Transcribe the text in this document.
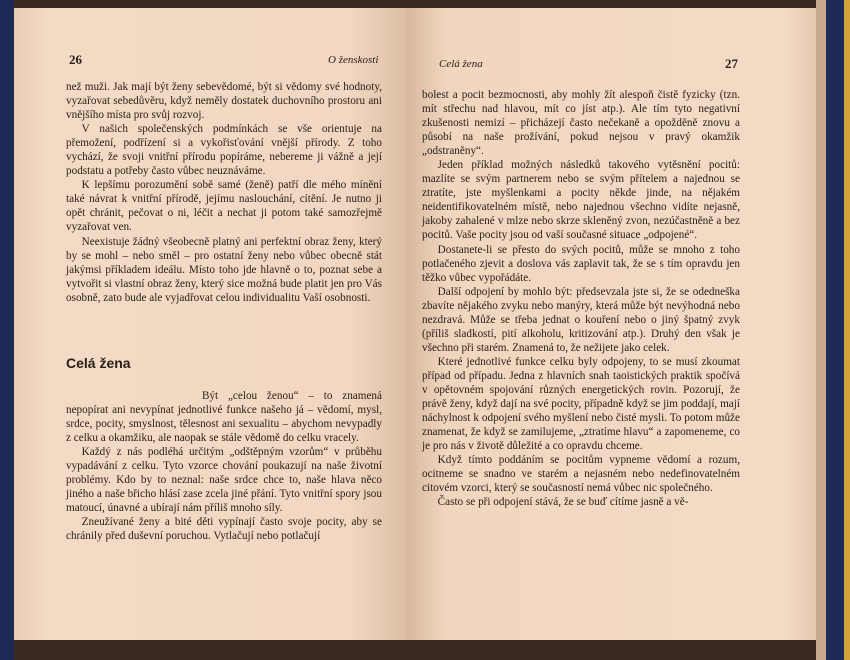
26	O ženskosti

než muži. Jak mají být ženy sebevědomé, být si vědomy své hodnoty, vyzařovat sebedůvěru, když neměly dostatek duchovního prostoru ani vnějšího místa pro svůj rozvoj.

V našich společenských podmínkách se vše orientuje na přemožení, podřízení si a vykořisťování vnější přírody. Z toho vychází, že svoji vnitřní přírodu popíráme, nebereme ji vážně a její podstatu a potřeby často vůbec neuznáváme.

K lepšímu porozumění sobě samé (ženě) patří dle mého mínění také návrat k vnitřní přírodě, jejímu naslouchání, cítění. Je nutno ji opět chránit, pečovat o ni, léčit a nechat ji potom také samozřejmě vyzařovat ven.

Neexistuje žádný všeobecně platný ani perfektní obraz ženy, který by se mohl – nebo směl – pro ostatní ženy nebo vůbec obecně stát jakýmsi příkladem ideálu. Místo toho jde hlavně o to, poznat sebe a vytvořit si vlastní obraz ženy, který sice možná bude platit jen pro Vás osobně, zato bude ale vyjadřovat celou individualitu Vaší osobnosti.

Celá žena

Být „celou ženou“ – to znamená nepopírat ani nevypínat jednotlivé funkce našeho já – vědomí, mysl, srdce, pocity, smyslnost, tělesnost ani sexualitu – abychom nevypadly z celku a okamžiku, ale naopak se stále vědomě do celku vracely.

Každý z nás podléhá určitým „odštěpným vzorům“ v průběhu vypadávání z celku. Tyto vzorce chování poukazují na naše životní problémy. Kdo by to neznal: naše srdce chce to, naše hlava něco jiného a naše břicho hlásí zase zcela jiné přání. Tyto vnitřní spory jsou matoucí, únavné a ubírají nám příliš mnoho síly.

Zneužívané ženy a bité děti vypínají často svoje pocity, aby se chránily před duševní poruchou. Vytlačují nebo potlačují

Celá žena	27

bolest a pocit bezmocnosti, aby mohly žít alespoň čistě fyzicky (tzn. mít střechu nad hlavou, mít co jíst atp.). Ale tím tyto negativní zkušenosti nemizí – přicházejí často nečekaně a opožděně znovu a působí na naše prožívání, pokud nejsou v pravý okamžik „odstraněny“.

Jeden příklad možných následků takového vytěsnění pocitů: mazlíte se svým partnerem nebo se svým přítelem a najednou se ztratíte, jste myšlenkami a pocity někde jinde, na nějakém neidentifikovatelném místě, nebo najednou všechno vidíte nejasně, jakoby zahalené v mlze nebo skrze skleněný zvon, nezúčastněně a bez pocitů. Vaše pocity jsou od vaší současné situace „odpojené“.

Dostanete-li se přesto do svých pocitů, může se mnoho z toho potlačeného zjevit a doslova vás zaplavit tak, že se s tím opravdu jen těžko vůbec vypořádáte.

Další odpojení by mohlo být: předsevzala jste si, že se odedneška zbavíte nějakého zvyku nebo manýry, která může být nevýhodná nebo nezdravá. Může se třeba jednat o kouření nebo o jiný špatný zvyk (příliš sladkostí, pití alkoholu, kritizování atp.). Druhý den však je všechno při starém. Znamená to, že nežijete jako celek.

Které jednotlivé funkce celku byly odpojeny, to se musí zkoumat případ od případu. Jedna z hlavních snah taoistických praktik spočívá v opětovném spojování různých energetických rovin. Pozorují, že právě ženy, když dají na své pocity, případně když se jim poddají, mají náchylnost k odpojení svého myšlení nebo čisté mysli. To potom může znamenat, že když se zamilujeme, „ztratíme hlavu“ a zapomeneme, co je pro nás v životě důležité a co opravdu chceme.

Když tímto poddáním se pocitům vypneme vědomí a rozum, ocitneme se snadno ve starém a nejasném nebo nedefinovatelném citovém vzorci, který se současností nemá vůbec nic společného.

Často se při odpojení stává, že se buď cítíme jasně a vě-
